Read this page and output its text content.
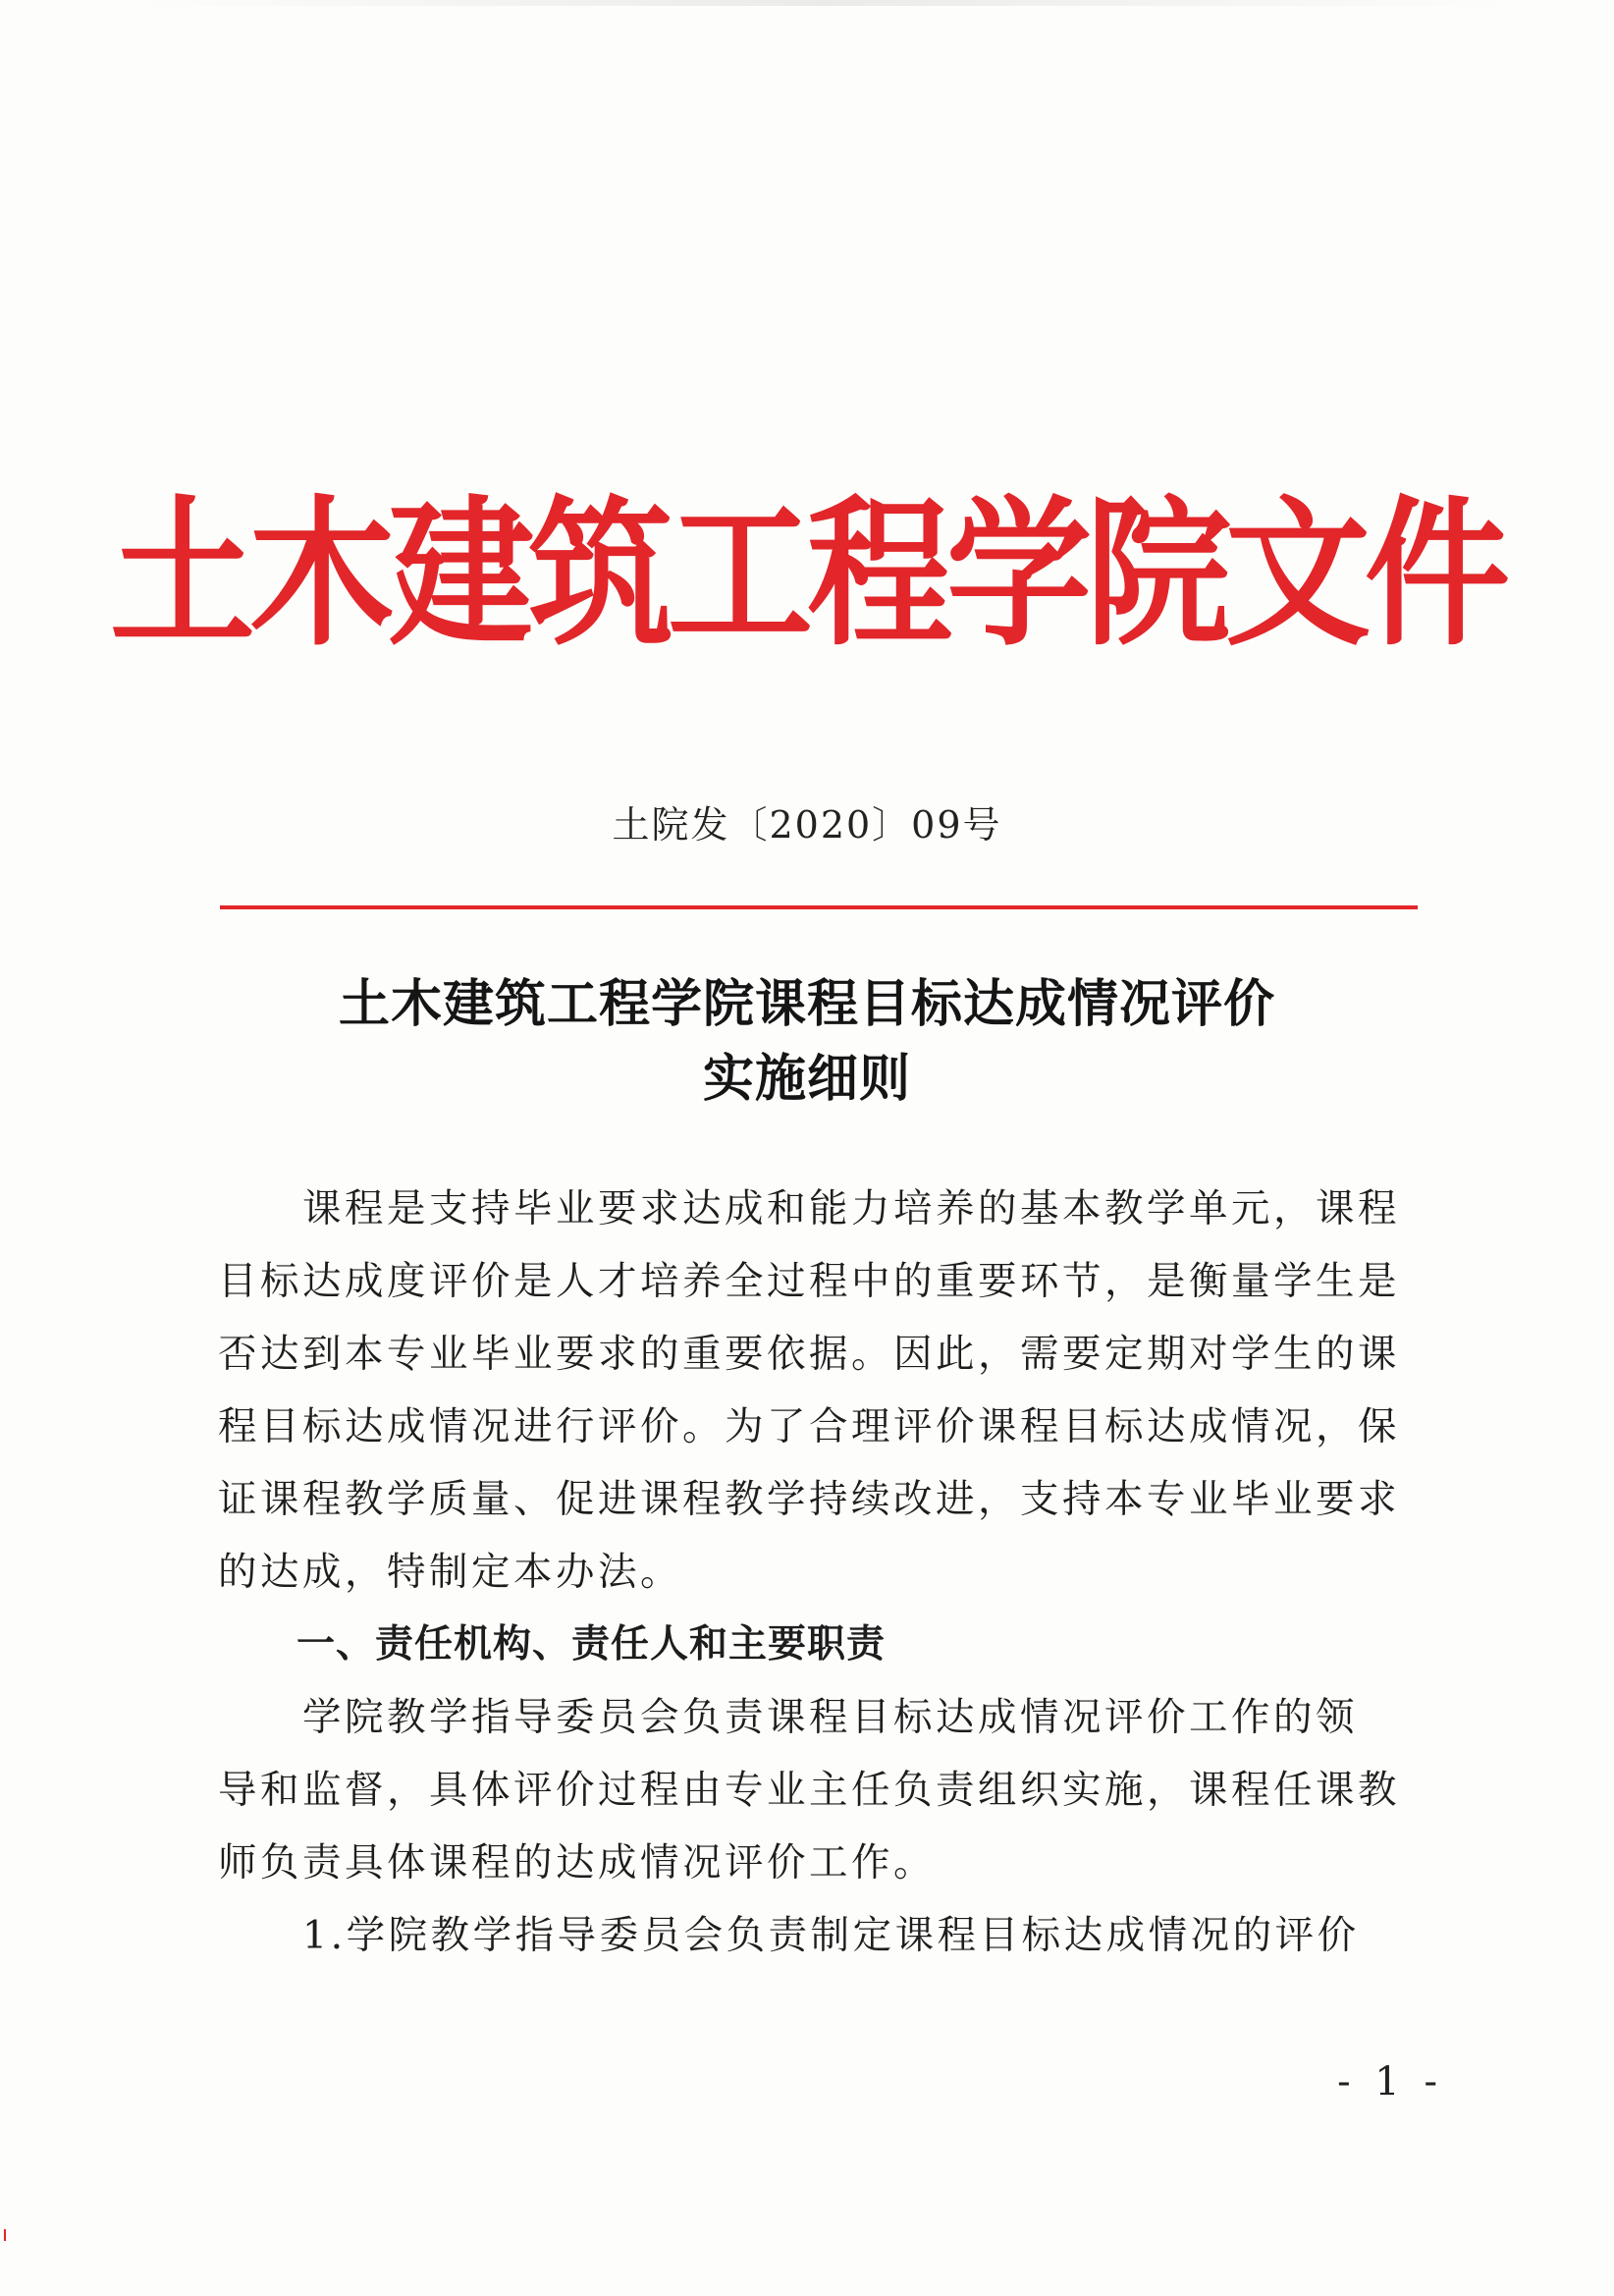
土木建筑工程学院文件
土院发〔2020〕09号
土木建筑工程学院课程目标达成情况评价
实施细则
　　课程是支持毕业要求达成和能力培养的基本教学单元，课程
目标达成度评价是人才培养全过程中的重要环节，是衡量学生是
否达到本专业毕业要求的重要依据。因此，需要定期对学生的课
程目标达成情况进行评价。为了合理评价课程目标达成情况，保
证课程教学质量、促进课程教学持续改进，支持本专业毕业要求
的达成，特制定本办法。
　　一、责任机构、责任人和主要职责
　　学院教学指导委员会负责课程目标达成情况评价工作的领
导和监督，具体评价过程由专业主任负责组织实施，课程任课教
师负责具体课程的达成情况评价工作。
　　1.学院教学指导委员会负责制定课程目标达成情况的评价
- 1 -
